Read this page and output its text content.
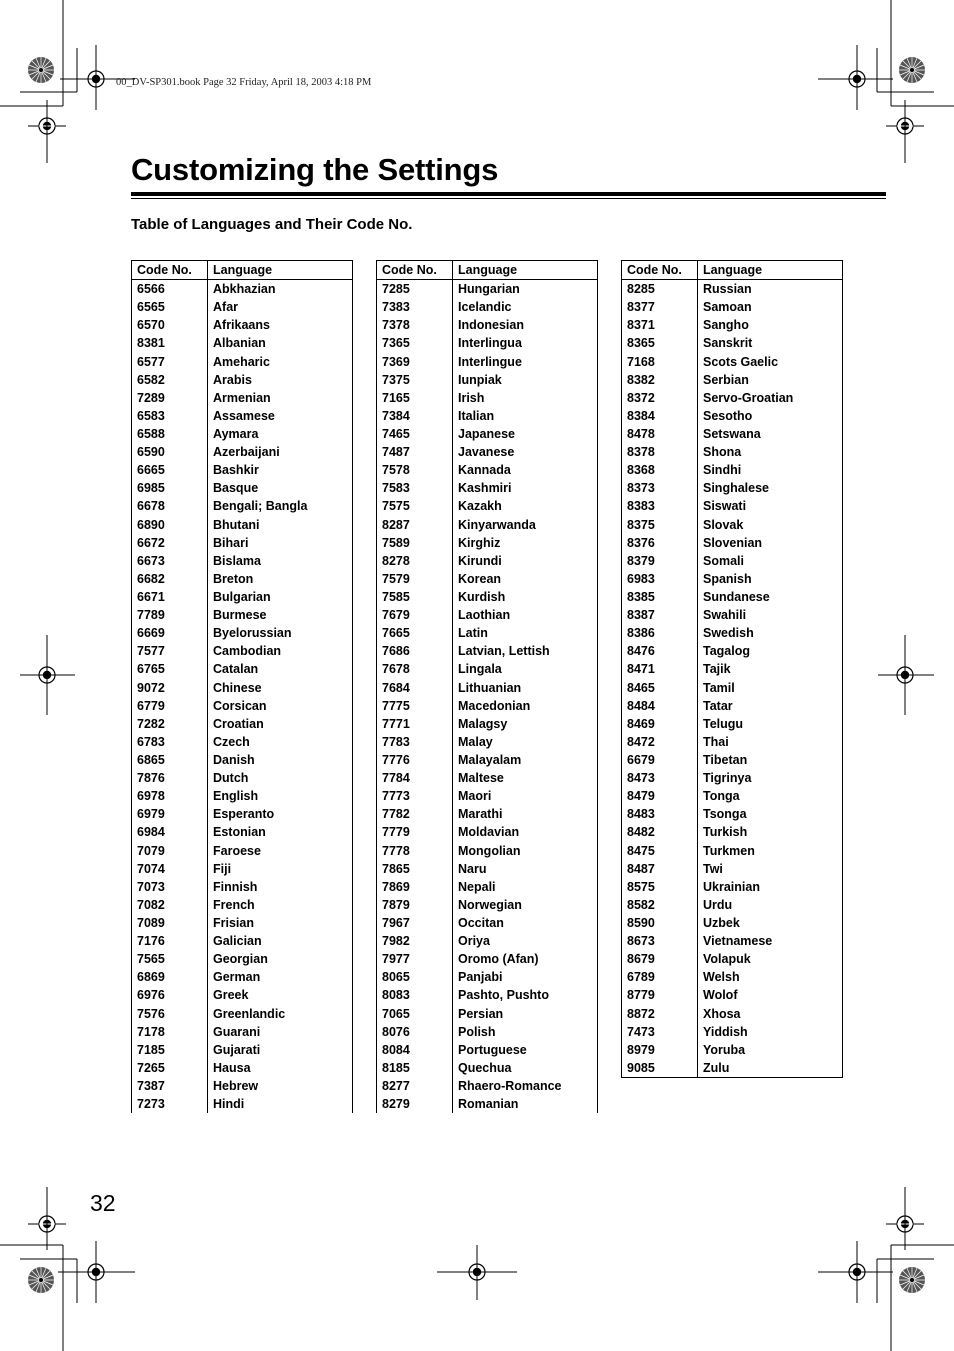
00_DV-SP301.book Page 32 Friday, April 18, 2003 4:18 PM
Customizing the Settings
Table of Languages and Their Code No.
Code No.	Language
6566	Abkhazian
6565	Afar
6570	Afrikaans
8381	Albanian
6577	Ameharic
6582	Arabis
7289	Armenian
6583	Assamese
6588	Aymara
6590	Azerbaijani
6665	Bashkir
6985	Basque
6678	Bengali; Bangla
6890	Bhutani
6672	Bihari
6673	Bislama
6682	Breton
6671	Bulgarian
7789	Burmese
6669	Byelorussian
7577	Cambodian
6765	Catalan
9072	Chinese
6779	Corsican
7282	Croatian
6783	Czech
6865	Danish
7876	Dutch
6978	English
6979	Esperanto
6984	Estonian
7079	Faroese
7074	Fiji
7073	Finnish
7082	French
7089	Frisian
7176	Galician
7565	Georgian
6869	German
6976	Greek
7576	Greenlandic
7178	Guarani
7185	Gujarati
7265	Hausa
7387	Hebrew
7273	Hindi
Code No.	Language
7285	Hungarian
7383	Icelandic
7378	Indonesian
7365	Interlingua
7369	Interlingue
7375	Iunpiak
7165	Irish
7384	Italian
7465	Japanese
7487	Javanese
7578	Kannada
7583	Kashmiri
7575	Kazakh
8287	Kinyarwanda
7589	Kirghiz
8278	Kirundi
7579	Korean
7585	Kurdish
7679	Laothian
7665	Latin
7686	Latvian, Lettish
7678	Lingala
7684	Lithuanian
7775	Macedonian
7771	Malagsy
7783	Malay
7776	Malayalam
7784	Maltese
7773	Maori
7782	Marathi
7779	Moldavian
7778	Mongolian
7865	Naru
7869	Nepali
7879	Norwegian
7967	Occitan
7982	Oriya
7977	Oromo (Afan)
8065	Panjabi
8083	Pashto, Pushto
7065	Persian
8076	Polish
8084	Portuguese
8185	Quechua
8277	Rhaero-Romance
8279	Romanian
Code No.	Language
8285	Russian
8377	Samoan
8371	Sangho
8365	Sanskrit
7168	Scots Gaelic
8382	Serbian
8372	Servo-Groatian
8384	Sesotho
8478	Setswana
8378	Shona
8368	Sindhi
8373	Singhalese
8383	Siswati
8375	Slovak
8376	Slovenian
8379	Somali
6983	Spanish
8385	Sundanese
8387	Swahili
8386	Swedish
8476	Tagalog
8471	Tajik
8465	Tamil
8484	Tatar
8469	Telugu
8472	Thai
6679	Tibetan
8473	Tigrinya
8479	Tonga
8483	Tsonga
8482	Turkish
8475	Turkmen
8487	Twi
8575	Ukrainian
8582	Urdu
8590	Uzbek
8673	Vietnamese
8679	Volapuk
6789	Welsh
8779	Wolof
8872	Xhosa
7473	Yiddish
8979	Yoruba
9085	Zulu
32
